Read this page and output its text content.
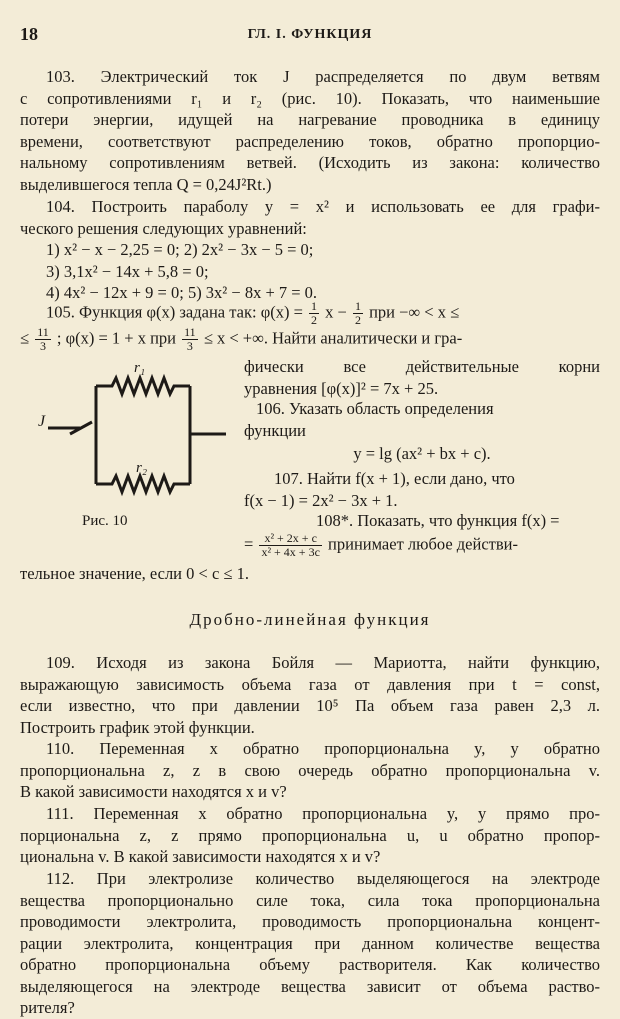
18	ГЛ. I. ФУНКЦИЯ
103. Электрический ток J распределяется по двум ветвям
с сопротивлениями r₁ и r₂ (рис. 10). Показать, что наименьшие
потери энергии, идущей на нагревание проводника в единицу
времени, соответствуют распределению токов, обратно пропорцио-
нальному сопротивлениям ветвей. (Исходить из закона: количество
выделившегося тепла Q = 0,24J²Rt.)
104. Построить параболу y = x² и использовать ее для графи-
ческого решения следующих уравнений:
1) x² − x − 2,25 = 0; 2) 2x² − 3x − 5 = 0;
3) 3,1x² − 14x + 5,8 = 0;
4) 4x² − 12x + 9 = 0; 5) 3x² − 8x + 7 = 0.
105. Функция φ(x) задана так: $\varphi(x) = \frac{1}{2}$ $x - \frac{1}{2}$ при −∞ < x ≤
≤ $\frac{11}{3}$ ; φ(x) = 1 + x при $\frac{11}{3} \le x$ < +∞. Найти аналитически и гра-
r₁
r₂
J
Рис. 10
фически все действительные корни
уравнения [φ(x)]² = 7x + 25.
106. Указать область определения
функции
y = lg (ax² + bx + c).
107. Найти f(x + 1), если дано, что
f(x − 1) = 2x² − 3x + 1.
108*. Показать, что функция f(x) =
= $\frac{\text{x² + 2x + c}}{\text{x² + 4x + 3c}}$ принимает любое действи-
тельное значение, если 0 < c ≤ 1.
Дробно-линейная функция
109. Исходя из закона Бойля — Мариотта, найти функцию,
выражающую зависимость объема газа от давления при t = const,
если известно, что при давлении 10⁵ Па объем газа равен 2,3 л.
Построить график этой функции.
110. Переменная x обратно пропорциональна y, y обратно
пропорциональна z, z в свою очередь обратно пропорциональна v.
В какой зависимости находятся x и v?
111. Переменная x обратно пропорциональна y, y прямо про-
порциональна z, z прямо пропорциональна u, u обратно пропор-
циональна v. В какой зависимости находятся x и v?
112. При электролизе количество выделяющегося на электроде
вещества пропорционально силе тока, сила тока пропорциональна
проводимости электролита, проводимость пропорциональна концент-
рации электролита, концентрация при данном количестве вещества
обратно пропорциональна объему растворителя. Как количество
выделяющегося на электроде вещества зависит от объема раство-
рителя?
